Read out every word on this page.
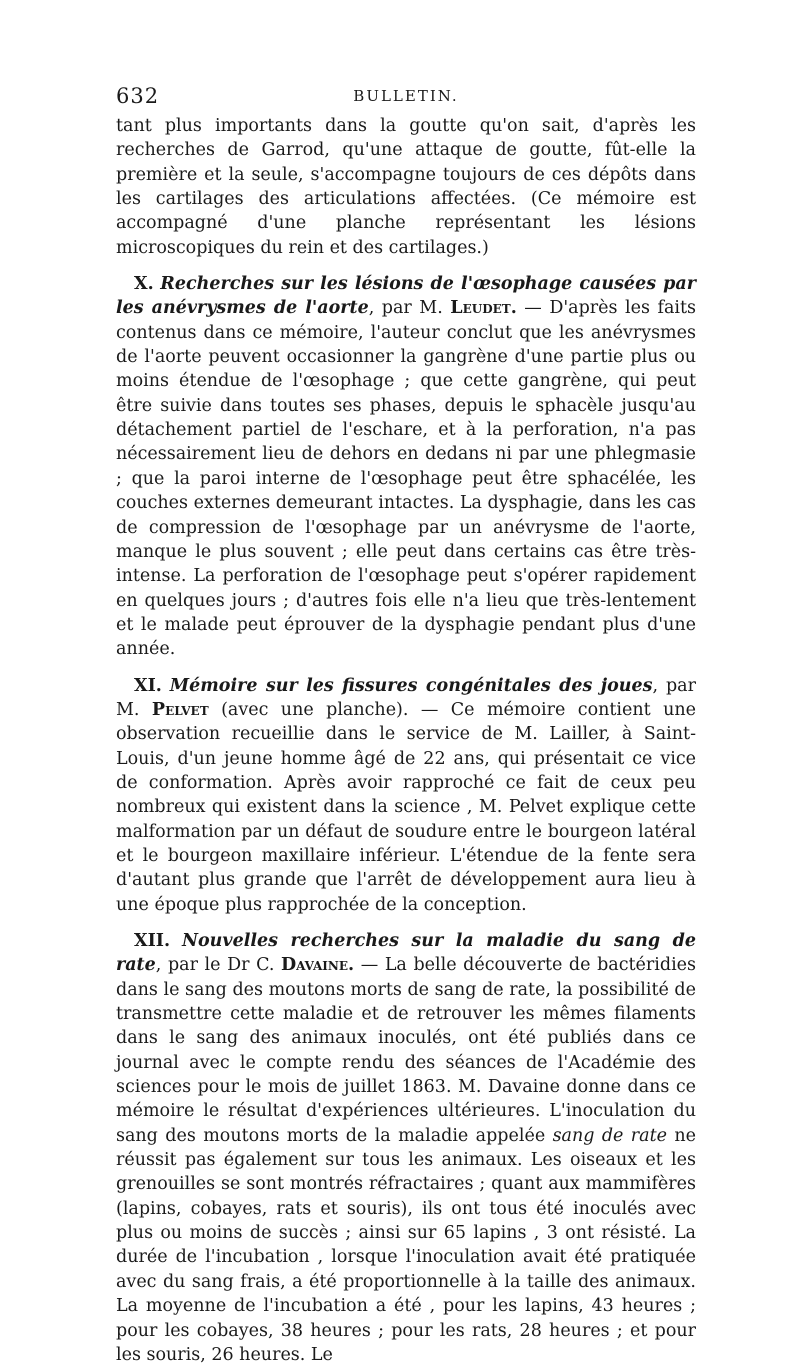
632	BULLETIN.

tant plus importants dans la goutte qu'on sait, d'après les recherches de Garrod, qu'une attaque de goutte, fût-elle la première et la seule, s'accompagne toujours de ces dépôts dans les cartilages des articulations affectées. (Ce mémoire est accompagné d'une planche représentant les lésions microscopiques du rein et des cartilages.)

X. Recherches sur les lésions de l'œsophage causées par les anévrysmes de l'aorte, par M. Leudet. — D'après les faits contenus dans ce mémoire, l'auteur conclut que les anévrysmes de l'aorte peuvent occasionner la gangrène d'une partie plus ou moins étendue de l'œsophage ; que cette gangrène, qui peut être suivie dans toutes ses phases, depuis le sphacèle jusqu'au détachement partiel de l'eschare, et à la perforation, n'a pas nécessairement lieu de dehors en dedans ni par une phlegmasie ; que la paroi interne de l'œsophage peut être sphacélée, les couches externes demeurant intactes. La dysphagie, dans les cas de compression de l'œsophage par un anévrysme de l'aorte, manque le plus souvent ; elle peut dans certains cas être très-intense. La perforation de l'œsophage peut s'opérer rapidement en quelques jours ; d'autres fois elle n'a lieu que très-lentement et le malade peut éprouver de la dysphagie pendant plus d'une année.

XI. Mémoire sur les fissures congénitales des joues, par M. Pelvet (avec une planche). — Ce mémoire contient une observation recueillie dans le service de M. Lailler, à Saint-Louis, d'un jeune homme âgé de 22 ans, qui présentait ce vice de conformation. Après avoir rapproché ce fait de ceux peu nombreux qui existent dans la science , M. Pelvet explique cette malformation par un défaut de soudure entre le bourgeon latéral et le bourgeon maxillaire inférieur. L'étendue de la fente sera d'autant plus grande que l'arrêt de développement aura lieu à une époque plus rapprochée de la conception.

XII. Nouvelles recherches sur la maladie du sang de rate, par le Dr C. Davaine. — La belle découverte de bactéridies dans le sang des moutons morts de sang de rate, la possibilité de transmettre cette maladie et de retrouver les mêmes filaments dans le sang des animaux inoculés, ont été publiés dans ce journal avec le compte rendu des séances de l'Académie des sciences pour le mois de juillet 1863. M. Davaine donne dans ce mémoire le résultat d'expériences ultérieures. L'inoculation du sang des moutons morts de la maladie appelée sang de rate ne réussit pas également sur tous les animaux. Les oiseaux et les grenouilles se sont montrés réfractaires ; quant aux mammifères (lapins, cobayes, rats et souris), ils ont tous été inoculés avec plus ou moins de succès ; ainsi sur 65 lapins , 3 ont résisté. La durée de l'incubation , lorsque l'inoculation avait été pratiquée avec du sang frais, a été proportionnelle à la taille des animaux. La moyenne de l'incubation a été , pour les lapins, 43 heures ; pour les cobayes, 38 heures ; pour les rats, 28 heures ; et pour les souris, 26 heures. Le
